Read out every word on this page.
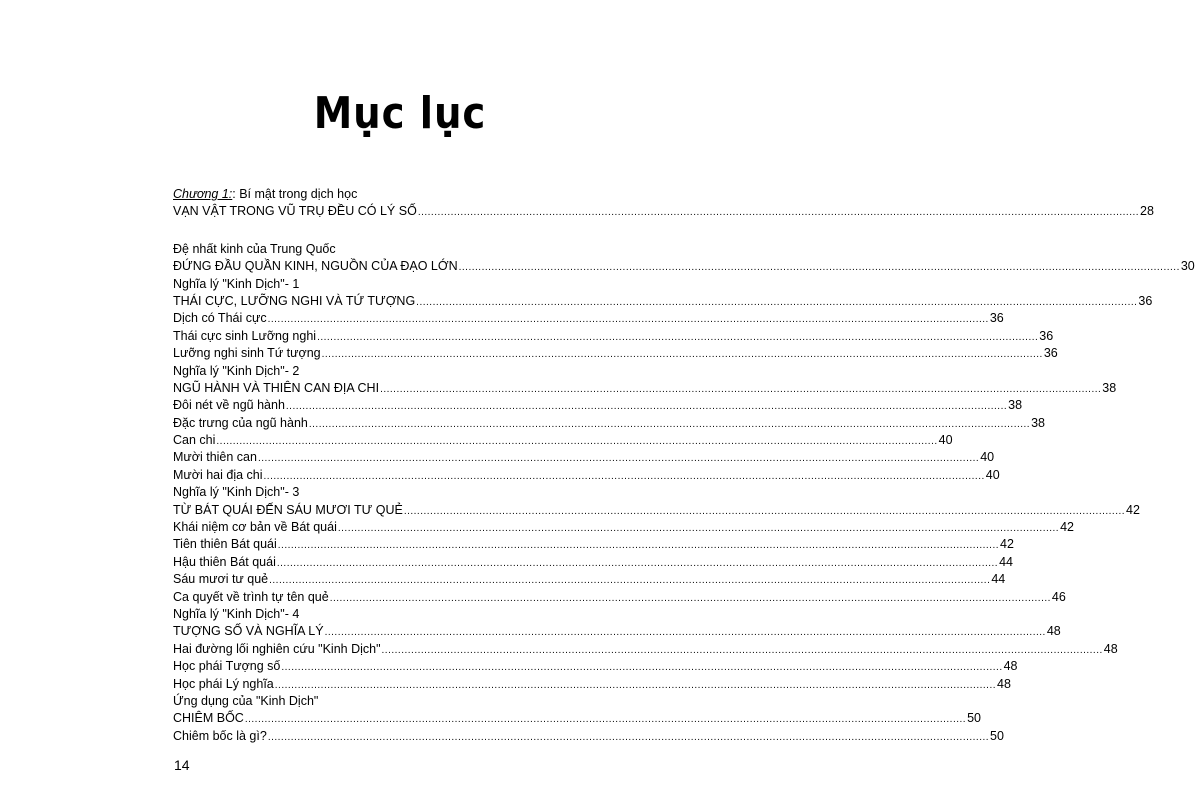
Mục lục
Chương 1:: Bí mật trong dịch học
VẠN VẬT TRONG VŨ TRỤ ĐỀU CÓ LÝ SỐ ............................................................................................................................................................................................................................ 28
Đệ nhất kinh của Trung Quốc
ĐỨNG ĐẦU QUẦN KINH, NGUỒN CỦA ĐẠO LỚN ............................................................................................................................................................................................................................ 30
Nghĩa lý "Kinh Dịch"- 1
THÁI CỰC, LƯỠNG NGHI VÀ TỨ TƯỢNG ............................................................................................................................................................................................................................ 36
Dịch có Thái cực ............................................................................................................................................................................................................................ 36
Thái cực sinh Lưỡng nghi ............................................................................................................................................................................................................................ 36
Lưỡng nghi sinh Tứ tượng ............................................................................................................................................................................................................................ 36
Nghĩa lý "Kinh Dịch"- 2
NGŨ HÀNH VÀ THIÊN CAN ĐỊA CHI ............................................................................................................................................................................................................................ 38
Đôi nét về ngũ hành ............................................................................................................................................................................................................................ 38
Đặc trưng của ngũ hành ............................................................................................................................................................................................................................ 38
Can chi ............................................................................................................................................................................................................................ 40
Mười thiên can ............................................................................................................................................................................................................................ 40
Mười hai địa chi ............................................................................................................................................................................................................................ 40
Nghĩa lý "Kinh Dịch"- 3
TỪ BÁT QUÁI ĐẾN SÁU MƯƠI TƯ QUẺ ............................................................................................................................................................................................................................ 42
Khái niệm cơ bản về Bát quái ............................................................................................................................................................................................................................ 42
Tiên thiên Bát quái ............................................................................................................................................................................................................................ 42
Hậu thiên Bát quái ............................................................................................................................................................................................................................ 44
Sáu mươi tư quẻ ............................................................................................................................................................................................................................ 44
Ca quyết về trình tự tên quẻ ............................................................................................................................................................................................................................ 46
Nghĩa lý "Kinh Dịch"- 4
TƯỢNG SỐ VÀ NGHĨA LÝ ............................................................................................................................................................................................................................ 48
Hai đường lối nghiên cứu "Kinh Dịch" ............................................................................................................................................................................................................................ 48
Học phái Tượng số ............................................................................................................................................................................................................................ 48
Học phái Lý nghĩa ............................................................................................................................................................................................................................ 48
Ứng dụng của "Kinh Dịch"
CHIÊM BỐC ............................................................................................................................................................................................................................ 50
Chiêm bốc là gì? ............................................................................................................................................................................................................................ 50
14
